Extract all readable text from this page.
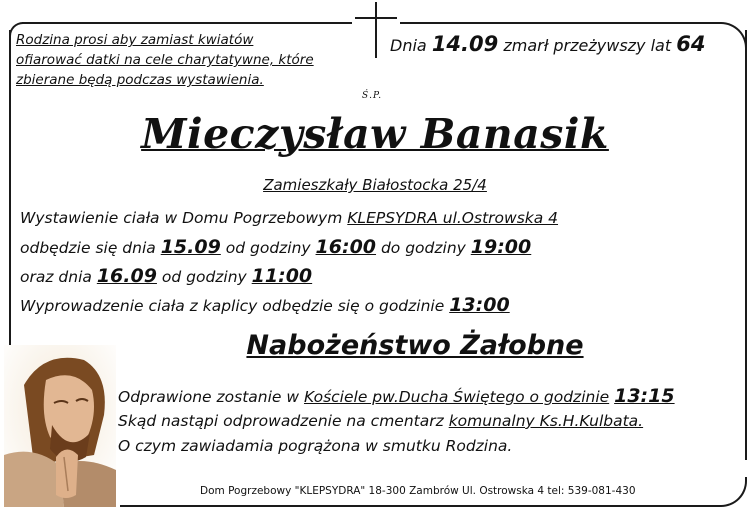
Rodzina prosi aby zamiast kwiatów
ofiarować datki na cele charytatywne, które
zbierane będą podczas wystawienia.
Dnia 14.09 zmarł przeżywszy lat 64
Ś.P.
Mieczysław Banasik
Zamieszkały Białostocka 25/4
Wystawienie ciała w Domu Pogrzebowym KLEPSYDRA ul.Ostrowska 4
odbędzie się dnia 15.09 od godziny 16:00 do godziny 19:00
oraz dnia 16.09 od godziny 11:00
Wyprowadzenie ciała z kaplicy odbędzie się o godzinie 13:00
Nabożeństwo Żałobne
Odprawione zostanie w Kościele pw.Ducha Świętego o godzinie 13:15
Skąd nastąpi odprowadzenie na cmentarz komunalny Ks.H.Kulbata.
O czym zawiadamia pogrążona w smutku Rodzina.
Dom Pogrzebowy "KLEPSYDRA" 18-300 Zambrów Ul. Ostrowska 4 tel: 539-081-430
